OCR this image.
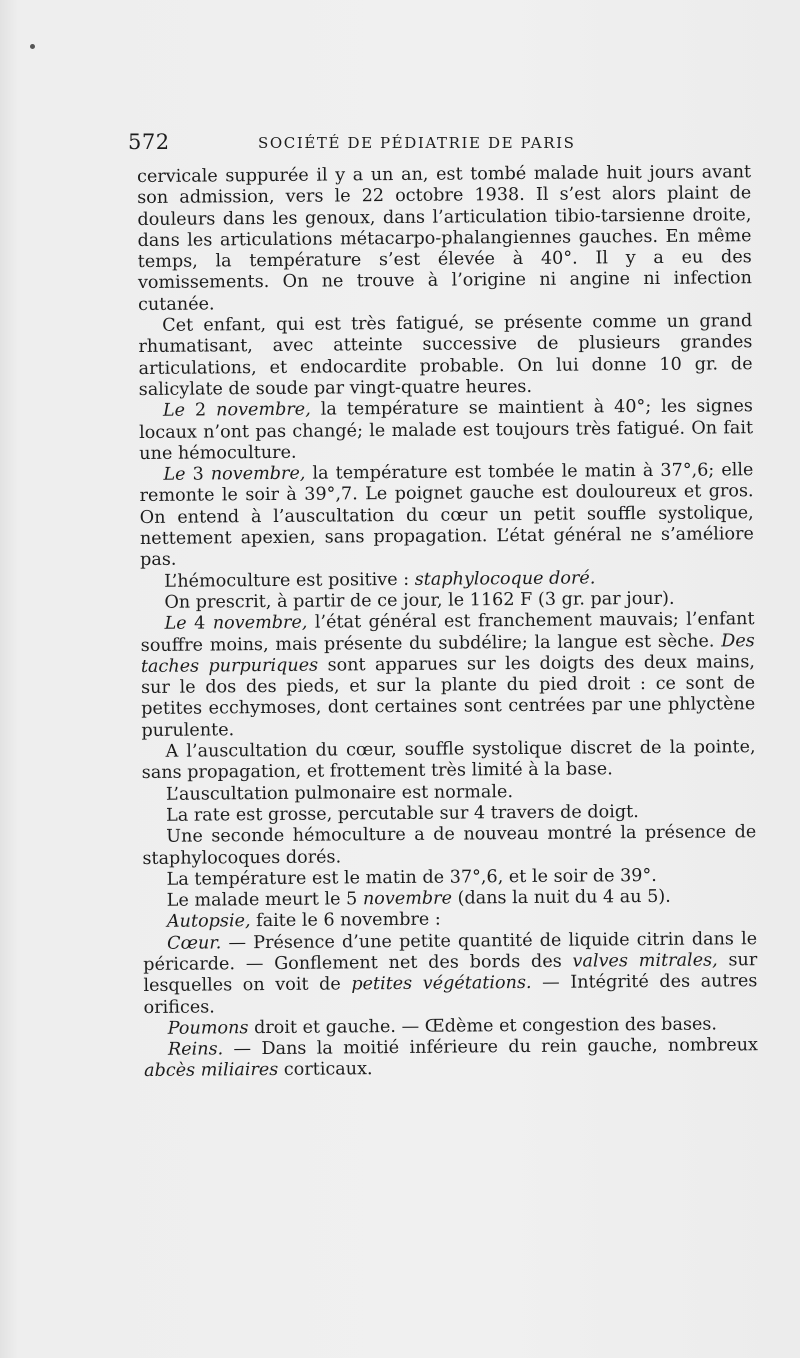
572	SOCIÉTÉ DE PÉDIATRIE DE PARIS

cervicale suppurée il y a un an, est tombé malade huit jours avant son admission, vers le 22 octobre 1938. Il s’est alors plaint de douleurs dans les genoux, dans l’articulation tibio-tarsienne droite, dans les articulations métacarpo-phalangiennes gauches. En même temps, la température s’est élevée à 40°. Il y a eu des vomissements. On ne trouve à l’origine ni angine ni infection cutanée.

Cet enfant, qui est très fatigué, se présente comme un grand rhumatisant, avec atteinte successive de plusieurs grandes articulations, et endocardite probable. On lui donne 10 gr. de salicylate de soude par vingt-quatre heures.

Le 2 novembre, la température se maintient à 40°; les signes locaux n’ont pas changé; le malade est toujours très fatigué. On fait une hémoculture.

Le 3 novembre, la température est tombée le matin à 37°,6; elle remonte le soir à 39°,7. Le poignet gauche est douloureux et gros. On entend à l’auscultation du cœur un petit souffle systolique, nettement apexien, sans propagation. L’état général ne s’améliore pas.

L’hémoculture est positive : staphylocoque doré.

On prescrit, à partir de ce jour, le 1162 F (3 gr. par jour).

Le 4 novembre, l’état général est franchement mauvais; l’enfant souffre moins, mais présente du subdélire; la langue est sèche. Des taches purpuriques sont apparues sur les doigts des deux mains, sur le dos des pieds, et sur la plante du pied droit : ce sont de petites ecchymoses, dont certaines sont centrées par une phlyctène purulente.

A l’auscultation du cœur, souffle systolique discret de la pointe, sans propagation, et frottement très limité à la base.

L’auscultation pulmonaire est normale.

La rate est grosse, percutable sur 4 travers de doigt.

Une seconde hémoculture a de nouveau montré la présence de staphylocoques dorés.

La température est le matin de 37°,6, et le soir de 39°.

Le malade meurt le 5 novembre (dans la nuit du 4 au 5).

Autopsie, faite le 6 novembre :

Cœur. — Présence d’une petite quantité de liquide citrin dans le péricarde. — Gonflement net des bords des valves mitrales, sur lesquelles on voit de petites végétations. — Intégrité des autres orifices.

Poumons droit et gauche. — Œdème et congestion des bases.

Reins. — Dans la moitié inférieure du rein gauche, nombreux abcès miliaires corticaux.
